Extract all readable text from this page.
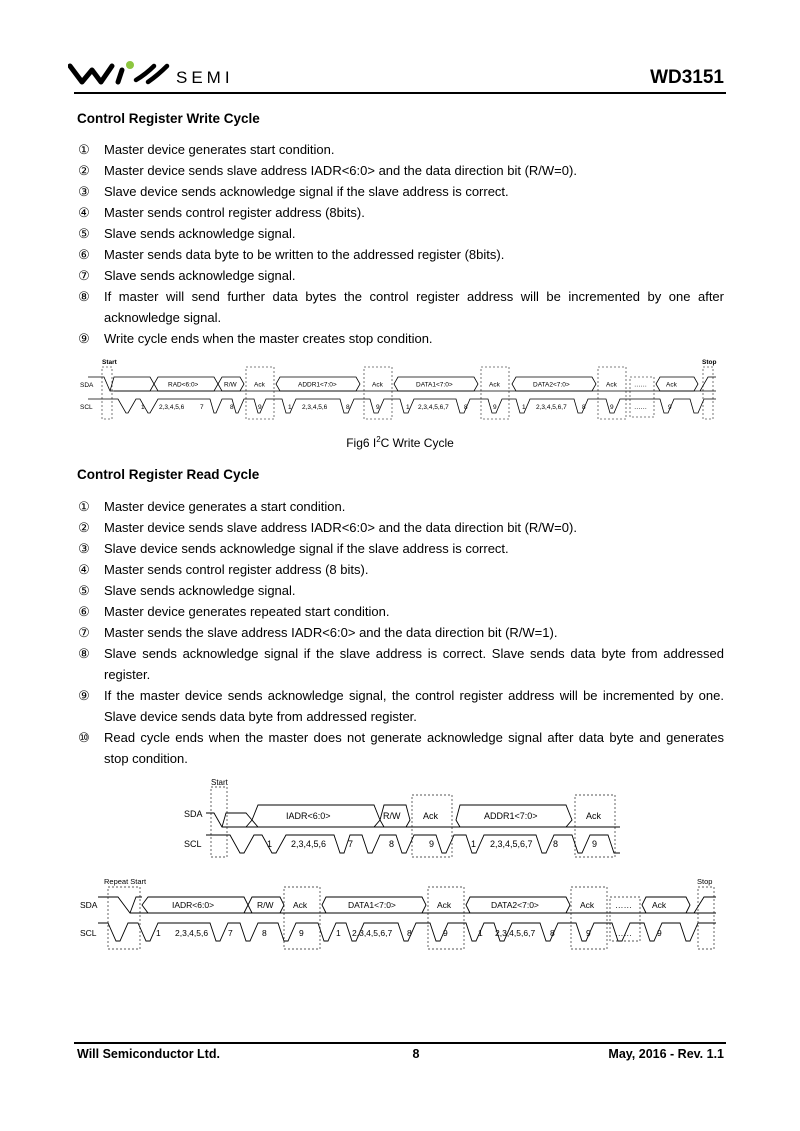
SEMI	WD3151
Control Register Write Cycle
① Master device generates start condition.
② Master device sends slave address IADR<6:0> and the data direction bit (R/W=0).
③ Slave device sends acknowledge signal if the slave address is correct.
④ Master sends control register address (8bits).
⑤ Slave sends acknowledge signal.
⑥ Master sends data byte to be written to the addressed register (8bits).
⑦ Slave sends acknowledge signal.
⑧ If master will send further data bytes the control register address will be incremented by one after acknowledge signal.
⑨ Write cycle ends when the master creates stop condition.
Start	Stop
SDA
SCL
RAD<6:0>	R/W	Ack	ADDR1<7:0>	Ack	DATA1<7:0>	Ack	DATA2<7:0>	Ack	……	Ack
1 2,3,4,5,6 7	8	9	1 2,3,4,5,6	8	9	1 2,3,4,5,6,7 8	9	1 2,3,4,5,6,7 8	9	……	9
Fig6 $I^2C$ Write Cycle
Control Register Read Cycle
① Master device generates a start condition.
② Master device sends slave address IADR<6:0> and the data direction bit (R/W=0).
③ Slave device sends acknowledge signal if the slave address is correct.
④ Master sends control register address (8 bits).
⑤ Slave sends acknowledge signal.
⑥ Master device generates repeated start condition.
⑦ Master sends the slave address IADR<6:0> and the data direction bit (R/W=1).
⑧ Slave sends acknowledge signal if the slave address is correct. Slave sends data byte from addressed register.
⑨ If the master device sends acknowledge signal, the control register address will be incremented by one. Slave device sends data byte from addressed register.
⑩ Read cycle ends when the master does not generate acknowledge signal after data byte and generates stop condition.
Start
SDA
SCL
IADR<6:0>	R/W	Ack	ADDR1<7:0>	Ack
1 2,3,4,5,6 7	8	9	1 2,3,4,5,6,7 8	9
Repeat Start	Stop
SDA
SCL
IADR<6:0>	R/W Ack	DATA1<7:0>	Ack	DATA2<7:0>	Ack …… Ack
1 2,3,4,5,6 7	8	9	1 2,3,4,5,6,7 8	9	1 2,3,4,5,6,7 8	9	……	9
Will Semiconductor Ltd.	8	May, 2016 - Rev. 1.1
